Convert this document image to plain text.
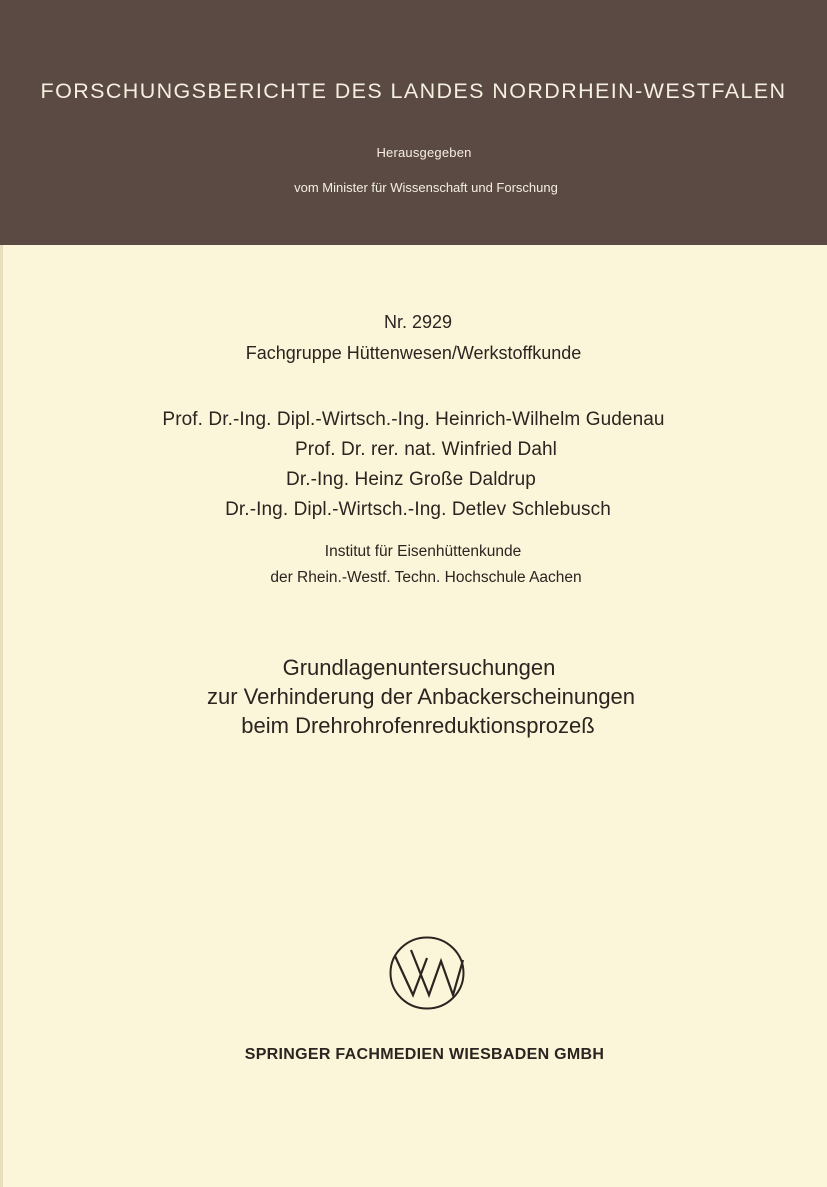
FORSCHUNGSBERICHTE DES LANDES NORDRHEIN-WESTFALEN
Herausgegeben
vom Minister für Wissenschaft und Forschung
Nr. 2929
Fachgruppe Hüttenwesen/Werkstoffkunde
Prof. Dr.-Ing. Dipl.-Wirtsch.-Ing. Heinrich-Wilhelm Gudenau
Prof. Dr. rer. nat. Winfried Dahl
Dr.-Ing. Heinz Große Daldrup
Dr.-Ing. Dipl.-Wirtsch.-Ing. Detlev Schlebusch
Institut für Eisenhüttenkunde
der Rhein.-Westf. Techn. Hochschule Aachen
Grundlagenuntersuchungen
zur Verhinderung der Anbackerscheinungen
beim Drehrohrofenreduktionsprozeß
SPRINGER FACHMEDIEN WIESBADEN GMBH
